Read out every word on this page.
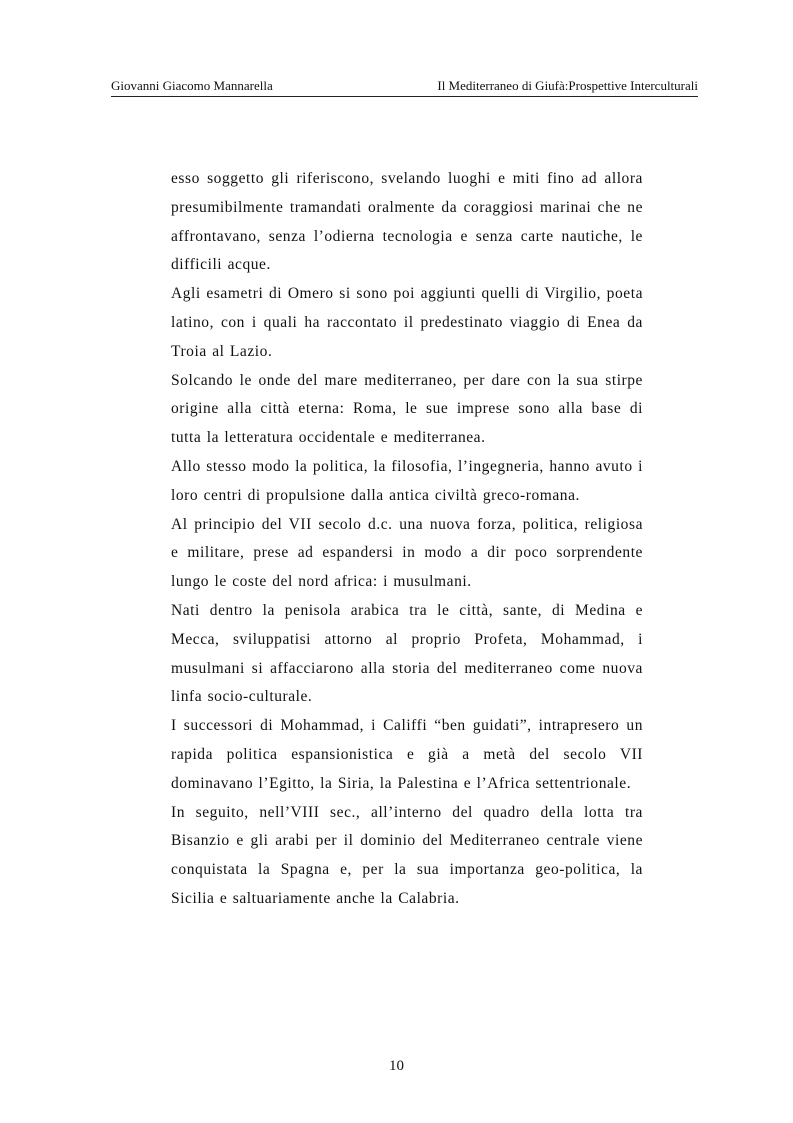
Giovanni Giacomo Mannarella	Il Mediterraneo di Giufà:Prospettive Interculturali

esso soggetto gli riferiscono, svelando luoghi e miti fino ad allora presumibilmente tramandati oralmente da coraggiosi marinai che ne affrontavano, senza l’odierna tecnologia e senza carte nautiche, le difficili acque.

Agli esametri di Omero si sono poi aggiunti quelli di Virgilio, poeta latino, con i quali ha raccontato il predestinato viaggio di Enea da Troia al Lazio.

Solcando le onde del mare mediterraneo, per dare con la sua stirpe origine alla città eterna: Roma, le sue imprese sono alla base di tutta la letteratura occidentale e mediterranea.

Allo stesso modo la politica, la filosofia, l’ingegneria, hanno avuto i loro centri di propulsione dalla antica civiltà greco-romana.

Al principio del VII secolo d.c. una nuova forza, politica, religiosa e militare, prese ad espandersi in modo a dir poco sorprendente lungo le coste del nord africa: i musulmani.

Nati dentro la penisola arabica tra le città, sante, di Medina e Mecca, sviluppatisi attorno al proprio Profeta, Mohammad, i musulmani si affacciarono alla storia del mediterraneo come nuova linfa socio-culturale.

I successori di Mohammad, i Califfi “ben guidati”, intrapresero un rapida politica espansionistica e già a metà del secolo VII dominavano l’Egitto, la Siria, la Palestina e l’Africa settentrionale.

In seguito, nell’VIII sec., all’interno del quadro della lotta tra Bisanzio e gli arabi per il dominio del Mediterraneo centrale viene conquistata la Spagna e, per la sua importanza geo-politica, la Sicilia e saltuariamente anche la Calabria.

10
